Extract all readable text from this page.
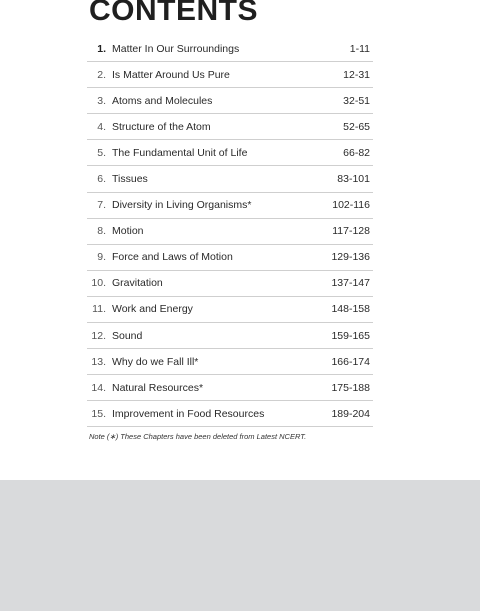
CONTENTS
1. Matter In Our Surroundings	1-11
2. Is Matter Around Us Pure	12-31
3. Atoms and Molecules	32-51
4. Structure of the Atom	52-65
5. The Fundamental Unit of Life	66-82
6. Tissues	83-101
7. Diversity in Living Organisms*	102-116
8. Motion	117-128
9. Force and Laws of Motion	129-136
10. Gravitation	137-147
11. Work and Energy	148-158
12. Sound	159-165
13. Why do we Fall Ill*	166-174
14. Natural Resources*	175-188
15. Improvement in Food Resources	189-204
Note (∗) These Chapters have been deleted from Latest NCERT.
